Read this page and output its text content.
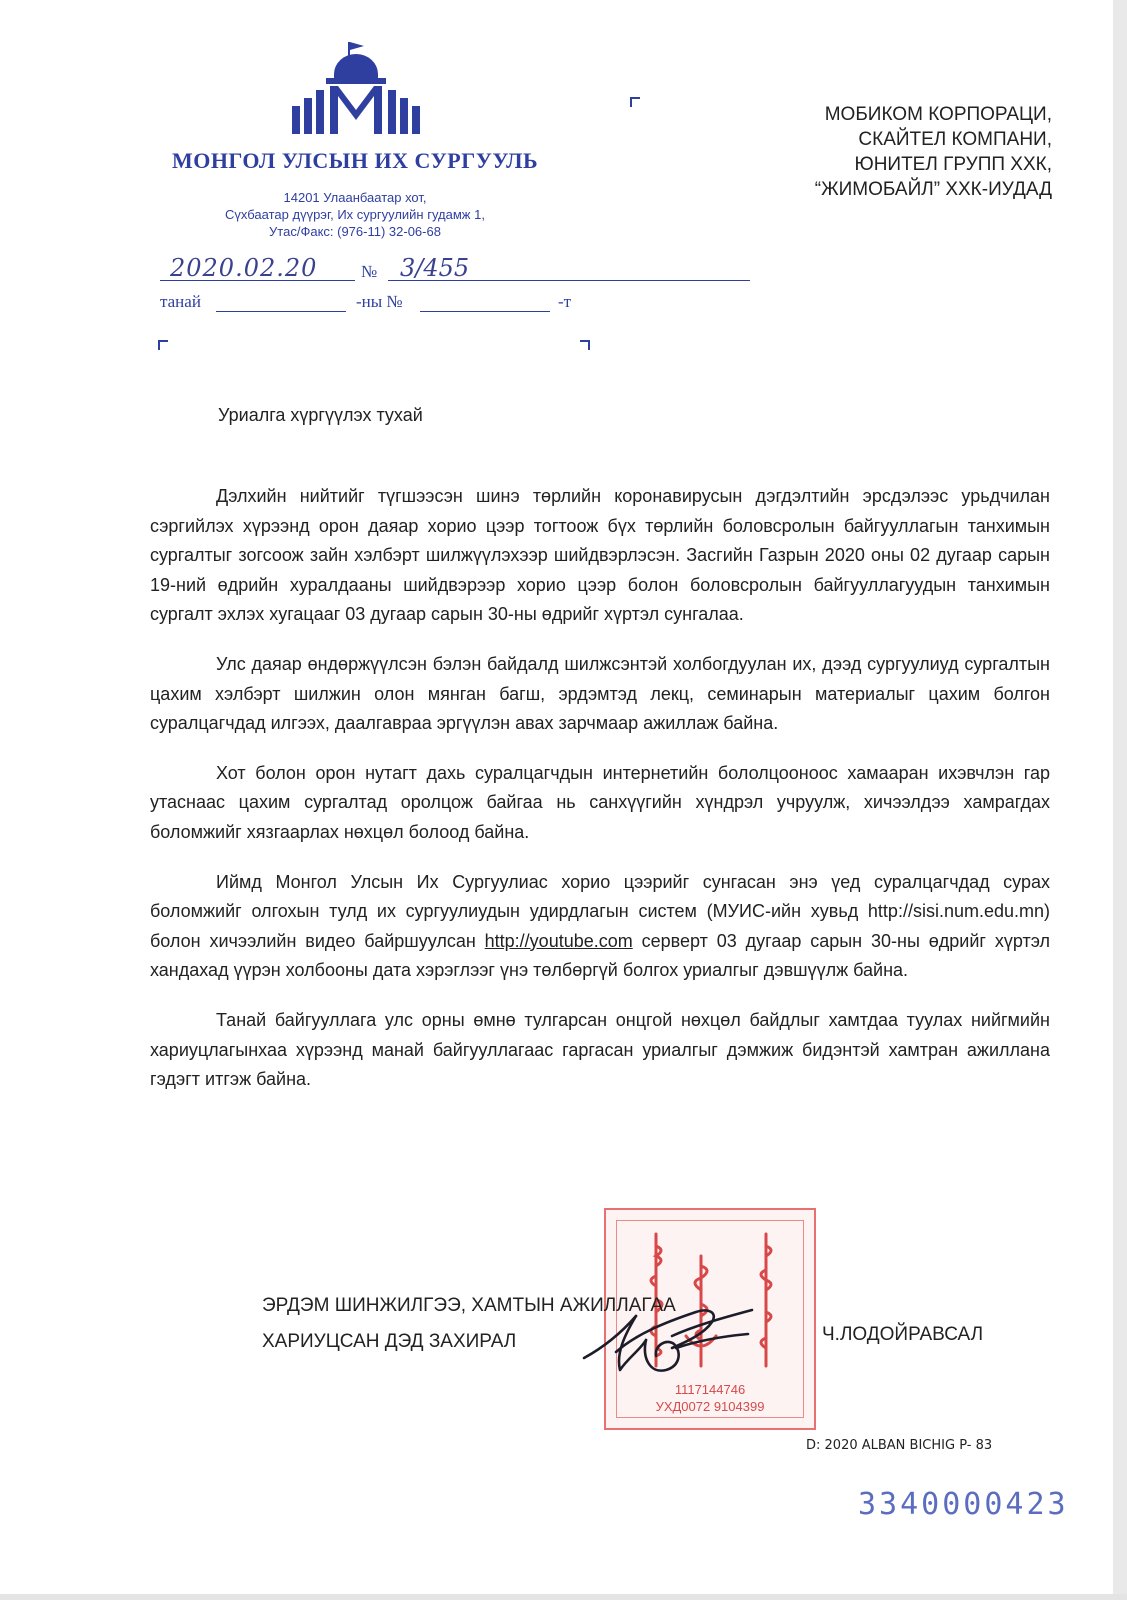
МОНГОЛ УЛСЫН ИХ СУРГУУЛЬ
14201 Улаанбаатар хот,
Сүхбаатар дүүрэг, Их сургуулийн гудамж 1,
Утас/Факс: (976-11) 32-06-68
2020.02.20	№ 3/455
танай	-ны №	-т
МОБИКОМ КОРПОРАЦИ,
СКАЙТЕЛ КОМПАНИ,
ЮНИТЕЛ ГРУПП ХХК,
“ЖИМОБАЙЛ” ХХК-ИУДАД
Уриалга хүргүүлэх тухай

Дэлхийн нийтийг түгшээсэн шинэ төрлийн коронавирусын дэгдэлтийн эрсдэлээс урьдчилан сэргийлэх хүрээнд орон даяар хорио цээр тогтоож бүх төрлийн боловсролын байгууллагын танхимын сургалтыг зогсоож зайн хэлбэрт шилжүүлэхээр шийдвэрлэсэн. Засгийн Газрын 2020 оны 02 дугаар сарын 19-ний өдрийн хуралдааны шийдвэрээр хорио цээр болон боловсролын байгууллагуудын танхимын сургалт эхлэх хугацааг 03 дугаар сарын 30-ны өдрийг хүртэл сунгалаа.

Улс даяар өндөржүүлсэн бэлэн байдалд шилжсэнтэй холбогдуулан их, дээд сургуулиуд сургалтын цахим хэлбэрт шилжин олон мянган багш, эрдэмтэд лекц, семинарын материалыг цахим болгон суралцагчдад илгээх, даалгавраа эргүүлэн авах зарчмаар ажиллаж байна.

Хот болон орон нутагт дахь суралцагчдын интернетийн бололцооноос хамааран ихэвчлэн гар утаснаас цахим сургалтад оролцож байгаа нь санхүүгийн хүндрэл учруулж, хичээлдээ хамрагдах боломжийг хязгаарлах нөхцөл болоод байна.

Иймд Монгол Улсын Их Сургуулиас хорио цээрийг сунгасан энэ үед суралцагчдад сурах боломжийг олгохын тулд их сургуулиудын удирдлагын систем (МУИС-ийн хувьд http://sisi.num.edu.mn) болон хичээлийн видео байршуулсан http://youtube.com серверт 03 дугаар сарын 30-ны өдрийг хүртэл хандахад үүрэн холбооны дата хэрэглээг үнэ төлбөргүй болгох уриалгыг дэвшүүлж байна.

Танай байгууллага улс орны өмнө тулгарсан онцгой нөхцөл байдлыг хамтдаа туулах нийгмийн хариуцлагынхаа хүрээнд манай байгууллагаас гаргасан уриалгыг дэмжиж бидэнтэй хамтран ажиллана гэдэгт итгэж байна.

1117144746
УХД0072 9104399
ЭРДЭМ ШИНЖИЛГЭЭ, ХАМТЫН АЖИЛЛАГАА
ХАРИУЦСАН ДЭД ЗАХИРАЛ	Ч.ЛОДОЙРАВСАЛ
D: 2020 ALBAN BICHIG P- 83
3340000423
